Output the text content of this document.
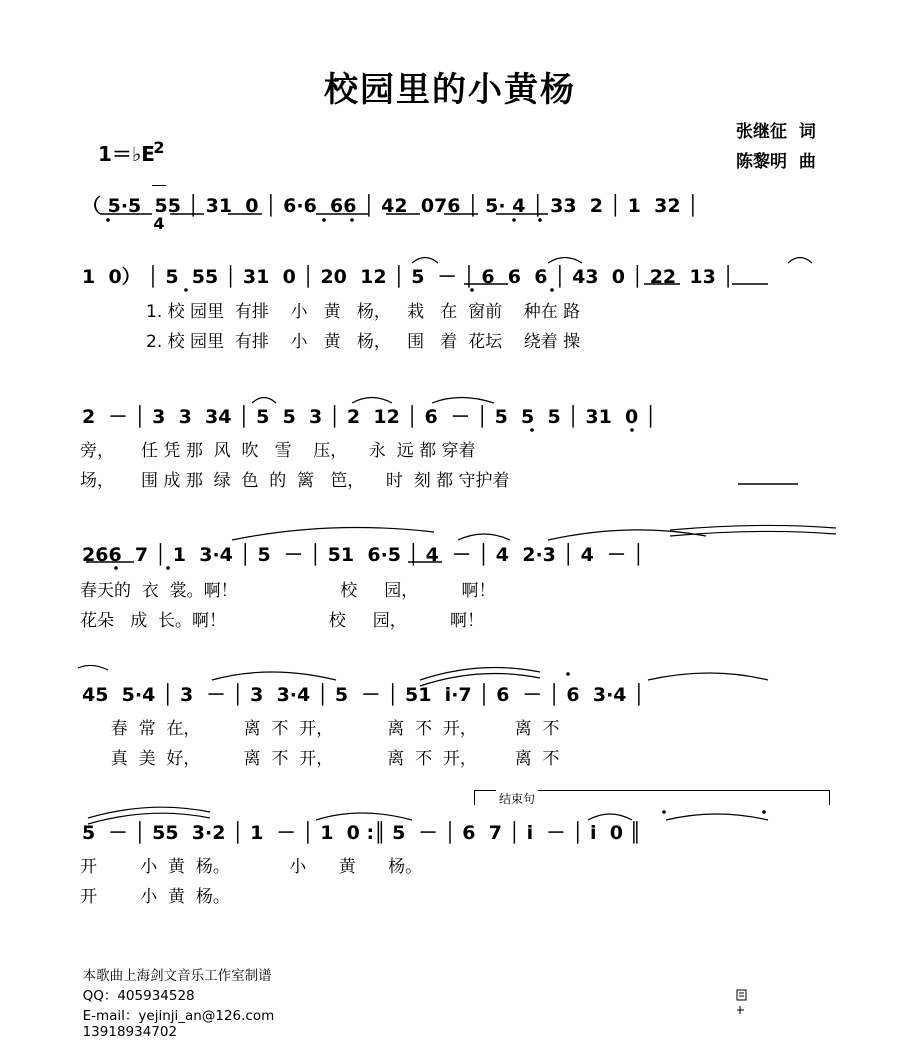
校园里的小黄杨

1＝♭E

2

4

张继征  词
陈黎明  曲
（ 5·5  55 │ 31  0 │ 6·6  66 │ 42  076 │ 5· 4 │ 33  2 │ 1  32 │
1  0） │ 5  55 │ 31  0 │ 20  12 │ 5  － │ 6  6  6 │ 43  0 │ 22  13 │
1. 校 园里  有排    小   黄   杨，   栽   在  窗前    种在 路
2. 校 园里  有排    小   黄   杨，   围   着  花坛    绕着 操
2  － │ 3  3  34 │ 5  5  3 │ 2  12 │ 6  － │ 5  5  5 │ 31  0 │
旁，     任 凭 那  风  吹   雪    压，    永  远 都 穿着
场，     围 成 那  绿  色  的  篱   笆，    时  刻 都 守护着
266  7 │ 1  3·4 │ 5  － │ 51  6·5 │ 4  － │ 4  2·3 │ 4  － │
春天的  衣  裳。啊！                   校     园，        啊！
花朵   成  长。啊！                   校     园，        啊！
45  5·4 │ 3  － │ 3  3·4 │ 5  － │ 51  i·7 │ 6  － │ 6  3·4 │
春  常  在，        离  不  开，          离  不  开，       离  不
真  美  好，        离  不  开，          离  不  开，       离  不
结束句
5  － │ 55  3·2 │ 1  － │ 1  0 :║ 5  － │ 6  7 │ i  － │ i  0 ║
开        小  黄  杨。           小      黄      杨。
开        小  黄  杨。

本歌曲上海剑文音乐工作室制谱
QQ：405934528
E-mail：yejinji_an@126.com
13918934702
